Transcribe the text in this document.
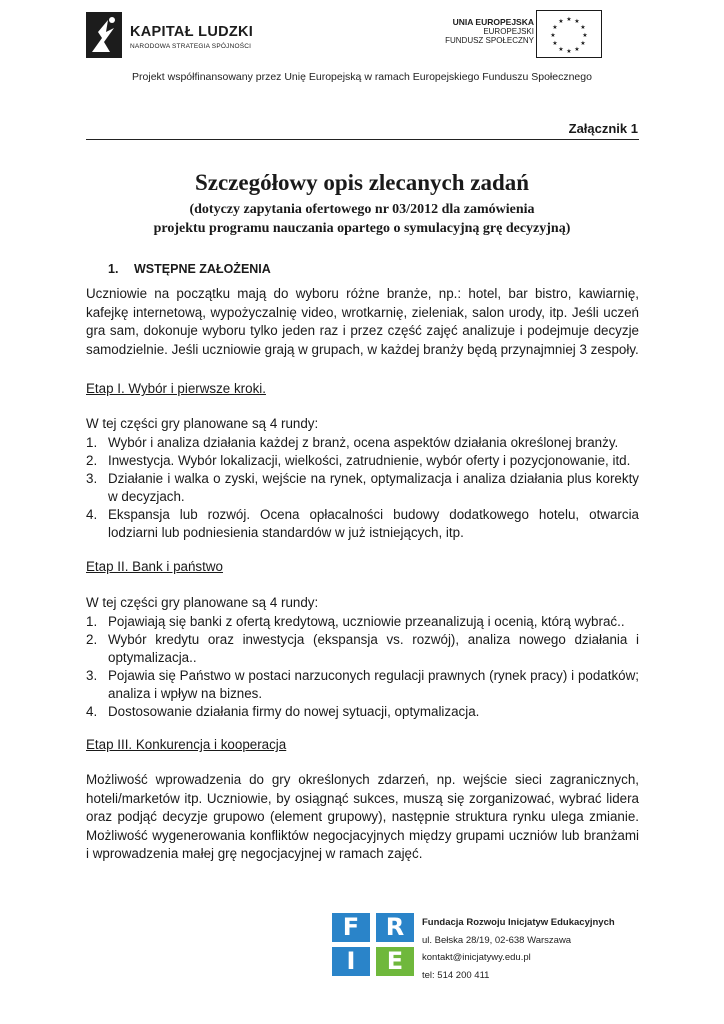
KAPITAŁ LUDZKI
NARODOWA STRATEGIA SPÓJNOŚCI
UNIA EUROPEJSKA
EUROPEJSKI
FUNDUSZ SPOŁECZNY
★ ★
★
★
★
★
★
★
★
★
★
★
Projekt współfinansowany przez Unię Europejską w ramach Europejskiego Funduszu Społecznego
Załącznik 1
Szczegółowy opis zlecanych zadań
(dotyczy zapytania ofertowego nr 03/2012 dla zamówienia
projektu programu nauczania opartego o symulacyjną grę decyzyjną)
1. WSTĘPNE ZAŁOŻENIA
Uczniowie na początku mają do wyboru różne branże, np.: hotel, bar bistro, kawiarnię, kafejkę internetową, wypożyczalnię video, wrotkarnię, zieleniak, salon urody, itp. Jeśli uczeń gra sam, dokonuje wyboru tylko jeden raz i przez część zajęć analizuje i podejmuje decyzje samodzielnie. Jeśli uczniowie grają w grupach, w każdej branży będą przynajmniej 3 zespoły.
Etap I. Wybór i pierwsze kroki.
W tej części gry planowane są 4 rundy:
1. Wybór i analiza działania każdej z branż, ocena aspektów działania określonej branży.
2. Inwestycja. Wybór lokalizacji, wielkości, zatrudnienie, wybór oferty i pozycjonowanie, itd.
3. Działanie i walka o zyski, wejście na rynek, optymalizacja i analiza działania plus korekty w decyzjach.
4. Ekspansja lub rozwój. Ocena opłacalności budowy dodatkowego hotelu, otwarcia lodziarni lub podniesienia standardów w już istniejących, itp.
Etap II. Bank i państwo
W tej części gry planowane są 4 rundy:
1. Pojawiają się banki z ofertą kredytową, uczniowie przeanalizują i ocenią, którą wybrać..
2. Wybór kredytu oraz inwestycja (ekspansja vs. rozwój), analiza nowego działania i optymalizacja..
3. Pojawia się Państwo w postaci narzuconych regulacji prawnych (rynek pracy) i podatków; analiza i wpływ na biznes.
4. Dostosowanie działania firmy do nowej sytuacji, optymalizacja.
Etap III. Konkurencja i kooperacja
Możliwość wprowadzenia do gry określonych zdarzeń, np. wejście sieci zagranicznych, hoteli/marketów itp. Uczniowie, by osiągnąć sukces, muszą się zorganizować, wybrać lidera oraz podjąć decyzje grupowo (element grupowy), następnie struktura rynku ulega zmianie. Możliwość wygenerowania konfliktów negocjacyjnych między grupami uczniów lub branżami i wprowadzenia małej grę negocjacyjnej w ramach zajęć.
F	R
I	E
Fundacja Rozwoju Inicjatyw Edukacyjnych
ul. Bełska 28/19, 02-638 Warszawa
kontakt@inicjatywy.edu.pl
tel: 514 200 411
